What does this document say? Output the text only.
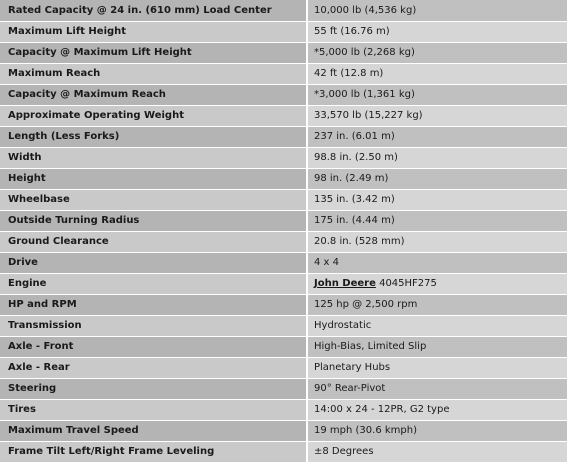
Rated Capacity @ 24 in. (610 mm) Load Center	10,000 lb (4,536 kg)
Maximum Lift Height	55 ft (16.76 m)
Capacity @ Maximum Lift Height	*5,000 lb (2,268 kg)
Maximum Reach	42 ft (12.8 m)
Capacity @ Maximum Reach	*3,000 lb (1,361 kg)
Approximate Operating Weight	33,570 lb (15,227 kg)
Length (Less Forks)	237 in. (6.01 m)
Width	98.8 in. (2.50 m)
Height	98 in. (2.49 m)
Wheelbase	135 in. (3.42 m)
Outside Turning Radius	175 in. (4.44 m)
Ground Clearance	20.8 in. (528 mm)
Drive	4 x 4
Engine	John Deere 4045HF275
HP and RPM	125 hp @ 2,500 rpm
Transmission	Hydrostatic
Axle - Front	High-Bias, Limited Slip
Axle - Rear	Planetary Hubs
Steering	90° Rear-Pivot
Tires	14:00 x 24 - 12PR, G2 type
Maximum Travel Speed	19 mph (30.6 kmph)
Frame Tilt Left/Right Frame Leveling	±8 Degrees
